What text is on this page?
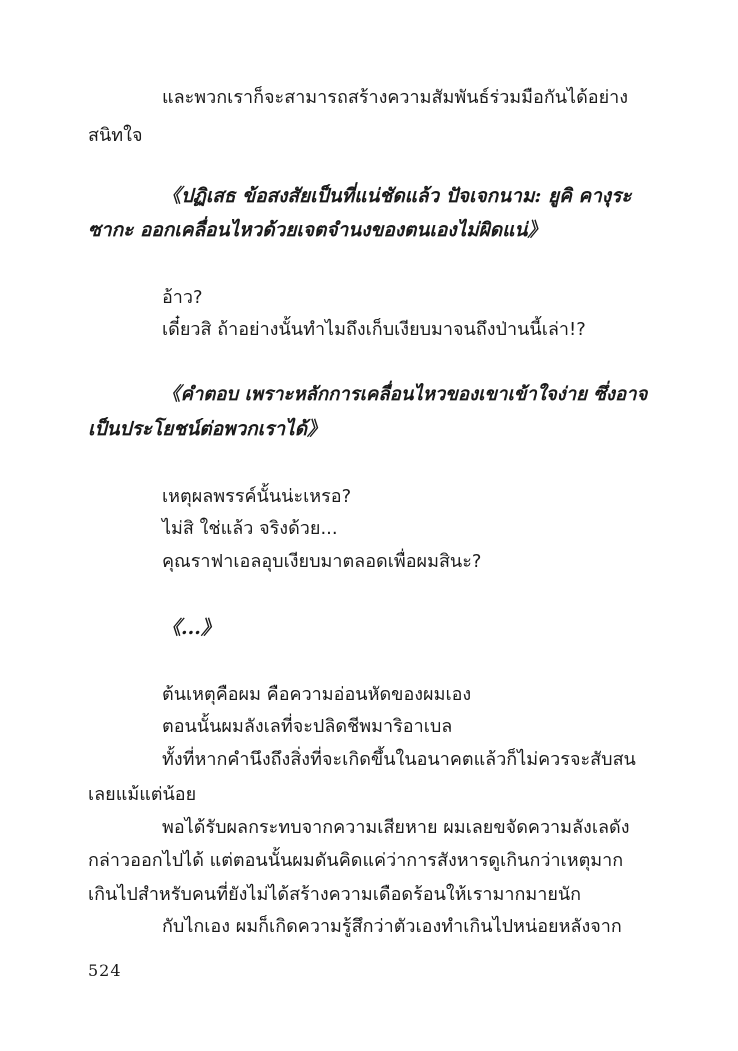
และพวกเราก็จะสามารถสร้างความสัมพันธ์ร่วมมือกันได้อย่าง
สนิทใจ
《ปฏิเสธ ข้อสงสัยเป็นที่แน่ชัดแล้ว ปัจเจกนาม: ยูคิ คางุระ
ซากะ ออกเคลื่อนไหวด้วยเจตจำนงของตนเองไม่ผิดแน่》
อ้าว?
เดี๋ยวสิ ถ้าอย่างนั้นทำไมถึงเก็บเงียบมาจนถึงป่านนี้เล่า!?
《คำตอบ เพราะหลักการเคลื่อนไหวของเขาเข้าใจง่าย ซึ่งอาจ
เป็นประโยชน์ต่อพวกเราได้》
เหตุผลพรรค์นั้นน่ะเหรอ?
ไม่สิ ใช่แล้ว จริงด้วย...
คุณราฟาเอลอุบเงียบมาตลอดเพื่อผมสินะ?
《...》
ต้นเหตุคือผม คือความอ่อนหัดของผมเอง
ตอนนั้นผมลังเลที่จะปลิดชีพมาริอาเบล
ทั้งที่หากคำนึงถึงสิ่งที่จะเกิดขึ้นในอนาคตแล้วก็ไม่ควรจะสับสน
เลยแม้แต่น้อย
พอได้รับผลกระทบจากความเสียหาย ผมเลยขจัดความลังเลดัง
กล่าวออกไปได้ แต่ตอนนั้นผมดันคิดแค่ว่าการสังหารดูเกินกว่าเหตุมาก
เกินไปสำหรับคนที่ยังไม่ได้สร้างความเดือดร้อนให้เรามากมายนัก
กับไกเอง ผมก็เกิดความรู้สึกว่าตัวเองทำเกินไปหน่อยหลังจาก
524
